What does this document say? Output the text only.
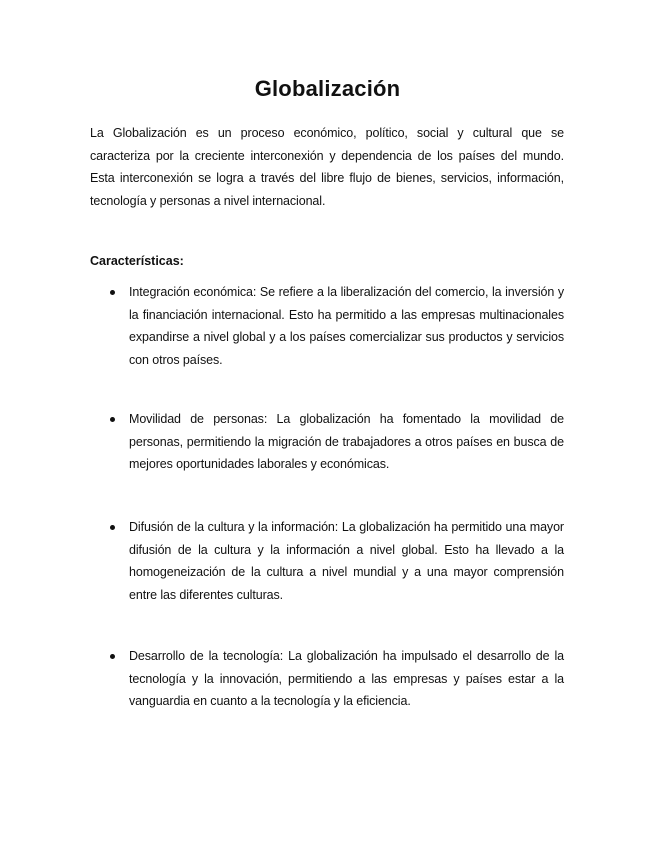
Globalización

La Globalización es un proceso económico, político, social y cultural que se caracteriza por la creciente interconexión y dependencia de los países del mundo. Esta interconexión se logra a través del libre flujo de bienes, servicios, información, tecnología y personas a nivel internacional.

Características:
Integración económica: Se refiere a la liberalización del comercio, la inversión y la financiación internacional. Esto ha permitido a las empresas multinacionales expandirse a nivel global y a los países comercializar sus productos y servicios con otros países.
Movilidad de personas: La globalización ha fomentado la movilidad de personas, permitiendo la migración de trabajadores a otros países en busca de mejores oportunidades laborales y económicas.
Difusión de la cultura y la información: La globalización ha permitido una mayor difusión de la cultura y la información a nivel global. Esto ha llevado a la homogeneización de la cultura a nivel mundial y a una mayor comprensión entre las diferentes culturas.
Desarrollo de la tecnología: La globalización ha impulsado el desarrollo de la tecnología y la innovación, permitiendo a las empresas y países estar a la vanguardia en cuanto a la tecnología y la eficiencia.
